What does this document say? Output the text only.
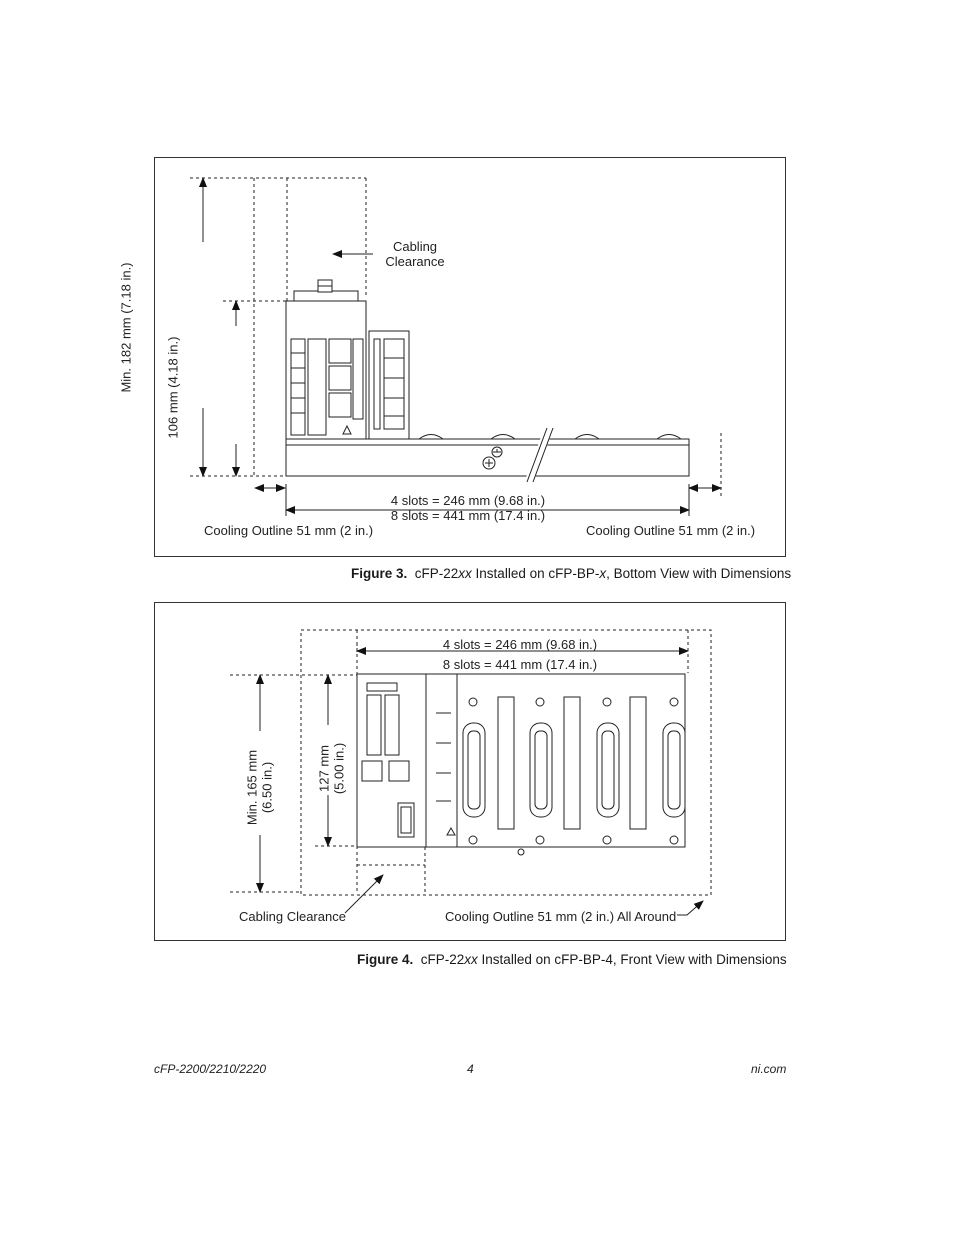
Cabling
Clearance
Min. 182 mm (7.18 in.) 106 mm (4.18 in.)
4 slots = 246 mm (9.68 in.)
8 slots = 441 mm (17.4 in.)
Cooling Outline 51 mm (2 in.)	Cooling Outline 51 mm (2 in.)
Figure 3. cFP-22xx Installed on cFP-BP-x, Bottom View with Dimensions
4 slots = 246 mm (9.68 in.)
8 slots = 441 mm (17.4 in.)
Min. 165 mm (6.50 in.)	127 mm (5.00 in.)
Cabling Clearance	Cooling Outline 51 mm (2 in.) All Around
Figure 4. cFP-22xx Installed on cFP-BP-4, Front View with Dimensions
cFP-2200/2210/2220	4	ni.com
